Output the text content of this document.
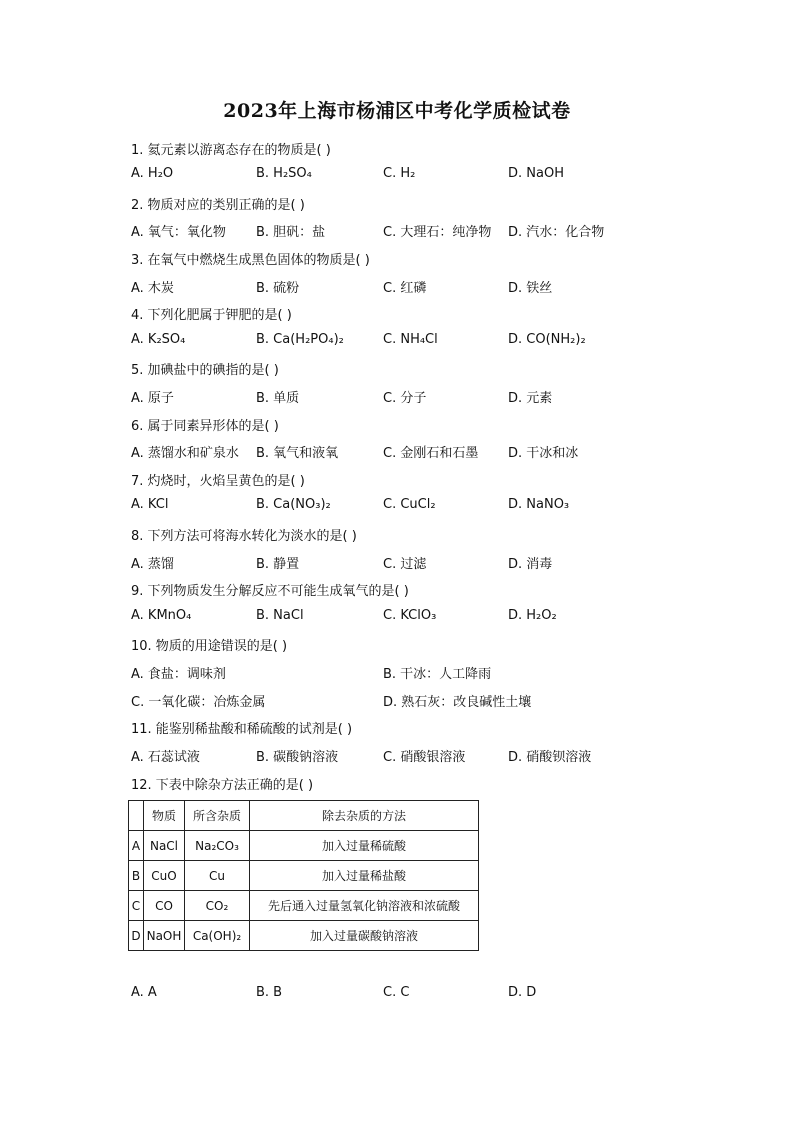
2023年上海市杨浦区中考化学质检试卷
1. 氦元素以游离态存在的物质是( )
A. H₂O	B. H₂SO₄	C. H₂	D. NaOH
2. 物质对应的类别正确的是( )
A. 氧气：氧化物 B. 胆矾：盐	C. 大理石：纯净物 D. 汽水：化合物
3. 在氧气中燃烧生成黑色固体的物质是( )
A. 木炭	B. 硫粉	C. 红磷	D. 铁丝
4. 下列化肥属于钾肥的是( )
A. K₂SO₄	B. Ca(H₂PO₄)₂	C. NH₄Cl	D. CO(NH₂)₂
5. 加碘盐中的碘指的是( )
A. 原子	B. 单质	C. 分子	D. 元素
6. 属于同素异形体的是( )
A. 蒸馏水和矿泉水 B. 氧气和液氧	C. 金刚石和石墨 D. 干冰和冰
7. 灼烧时，火焰呈黄色的是( )
A. KCl	B. Ca(NO₃)₂	C. CuCl₂	D. NaNO₃
8. 下列方法可将海水转化为淡水的是( )
A. 蒸馏	B. 静置	C. 过滤	D. 消毒
9. 下列物质发生分解反应不可能生成氧气的是( )
A. KMnO₄	B. NaCl	C. KClO₃	D. H₂O₂
10. 物质的用途错误的是( )
A. 食盐：调味剂	B. 干冰：人工降雨
C. 一氧化碳：冶炼金属	D. 熟石灰：改良碱性土壤
11. 能鉴别稀盐酸和稀硫酸的试剂是( )
A. 石蕊试液	B. 碳酸钠溶液	C. 硝酸银溶液	D. 硝酸钡溶液
12. 下表中除杂方法正确的是( )
	物质	所含杂质	除去杂质的方法
A	NaCl	Na₂CO₃	加入过量稀硫酸
B	CuO	Cu	加入过量稀盐酸
C	CO	CO₂	先后通入过量氢氧化钠溶液和浓硫酸
D	NaOH	Ca(OH)₂	加入过量碳酸钠溶液
A. A	B. B	C. C	D. D
